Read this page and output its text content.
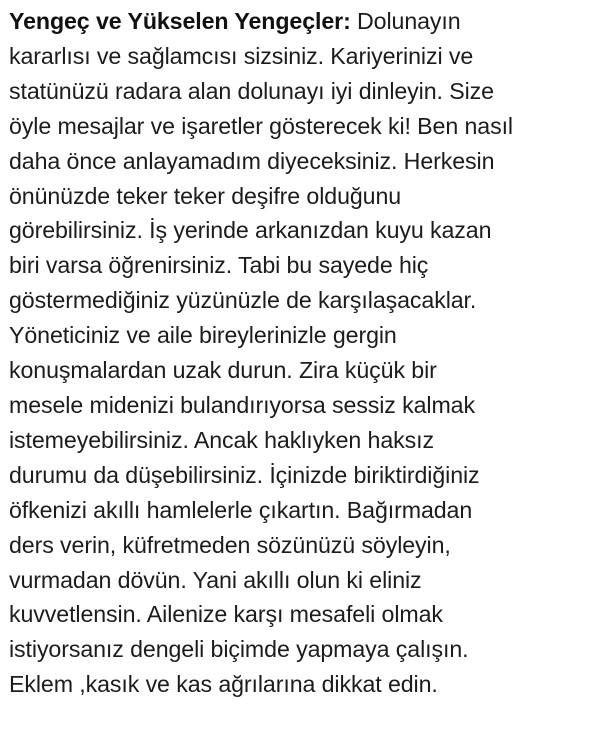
Yengeç ve Yükselen Yengeçler: Dolunayın
kararlısı ve sağlamcısı sizsiniz. Kariyerinizi ve
statünüzü radara alan dolunayı iyi dinleyin. Size
öyle mesajlar ve işaretler gösterecek ki! Ben nasıl
daha önce anlayamadım diyeceksiniz. Herkesin
önünüzde teker teker deşifre olduğunu
görebilirsiniz. İş yerinde arkanızdan kuyu kazan
biri varsa öğrenirsiniz. Tabi bu sayede hiç
göstermediğiniz yüzünüzle de karşılaşacaklar.
Yöneticiniz ve aile bireylerinizle gergin
konuşmalardan uzak durun. Zira küçük bir
mesele midenizi bulandırıyorsa sessiz kalmak
istemeyebilirsiniz. Ancak haklıyken haksız
durumu da düşebilirsiniz. İçinizde biriktirdiğiniz
öfkenizi akıllı hamlelerle çıkartın. Bağırmadan
ders verin, küfretmeden sözünüzü söyleyin,
vurmadan dövün. Yani akıllı olun ki eliniz
kuvvetlensin. Ailenize karşı mesafeli olmak
istiyorsanız dengeli biçimde yapmaya çalışın.
Eklem ,kasık ve kas ağrılarına dikkat edin.
